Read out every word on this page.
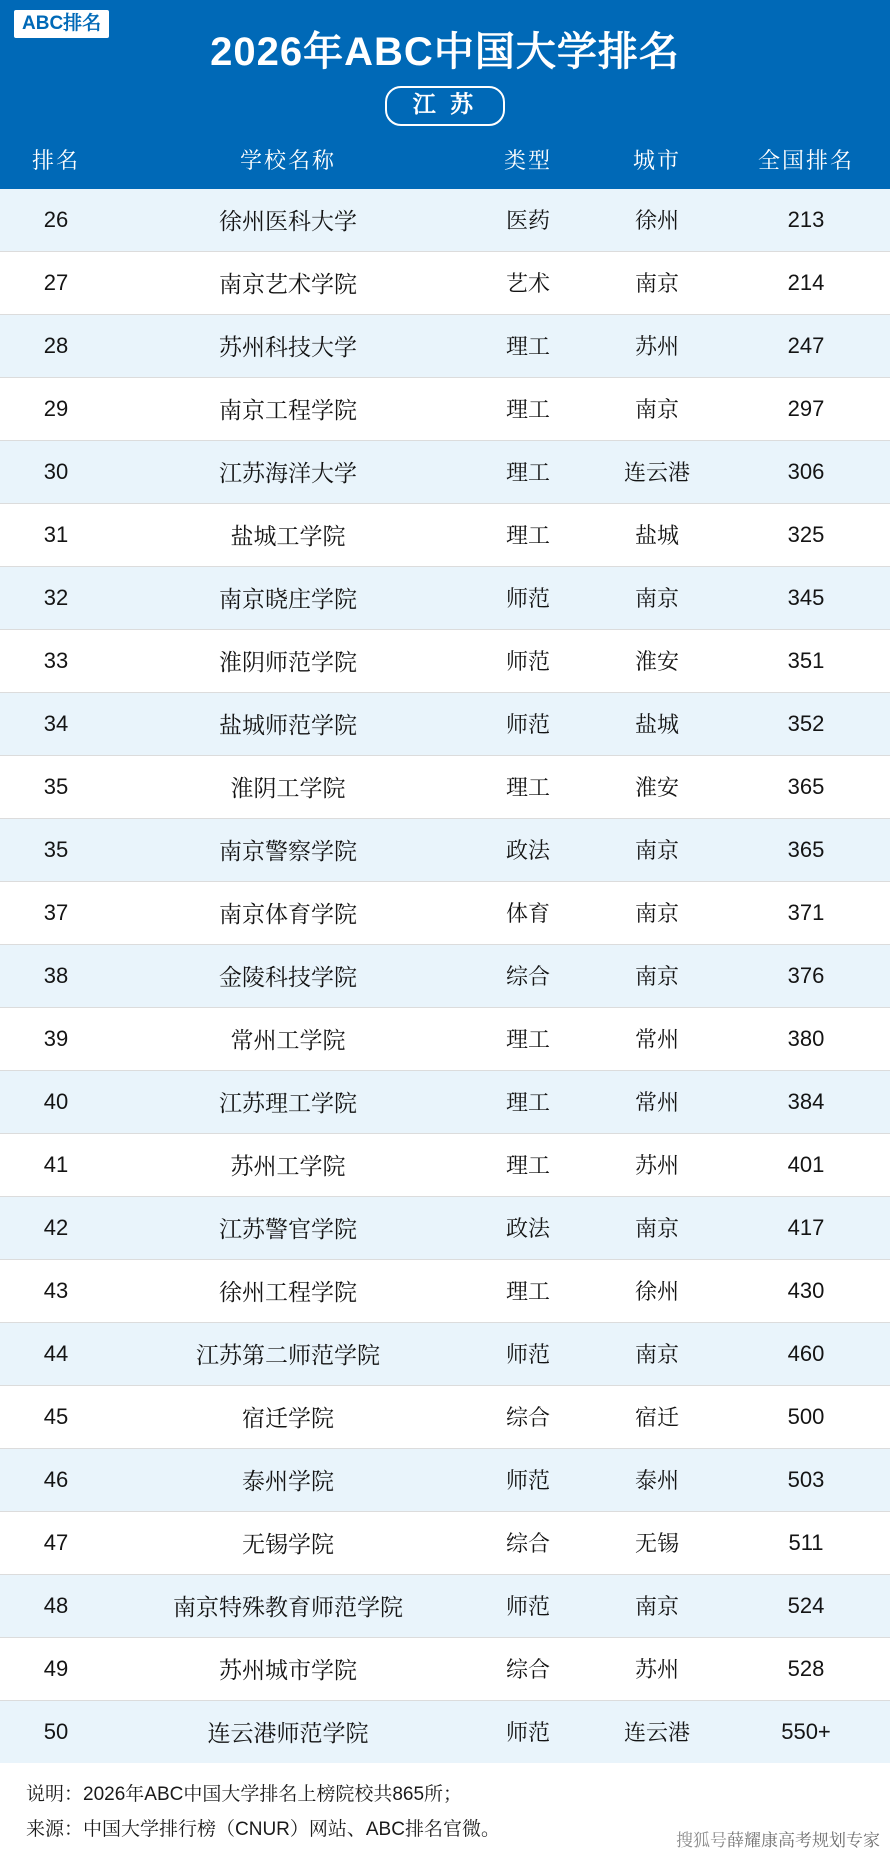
ABC排名
2026年ABC中国大学排名
江 苏
排名	学校名称	类型	城市	全国排名
26	徐州医科大学	医药	徐州	213
27	南京艺术学院	艺术	南京	214
28	苏州科技大学	理工	苏州	247
29	南京工程学院	理工	南京	297
30	江苏海洋大学	理工	连云港	306
31	盐城工学院	理工	盐城	325
32	南京晓庄学院	师范	南京	345
33	淮阴师范学院	师范	淮安	351
34	盐城师范学院	师范	盐城	352
35	淮阴工学院	理工	淮安	365
35	南京警察学院	政法	南京	365
37	南京体育学院	体育	南京	371
38	金陵科技学院	综合	南京	376
39	常州工学院	理工	常州	380
40	江苏理工学院	理工	常州	384
41	苏州工学院	理工	苏州	401
42	江苏警官学院	政法	南京	417
43	徐州工程学院	理工	徐州	430
44	江苏第二师范学院	师范	南京	460
45	宿迁学院	综合	宿迁	500
46	泰州学院	师范	泰州	503
47	无锡学院	综合	无锡	511
48	南京特殊教育师范学院	师范	南京	524
49	苏州城市学院	综合	苏州	528
50	连云港师范学院	师范	连云港	550+
说明：2026年ABC中国大学排名上榜院校共865所；
来源：中国大学排行榜（CNUR）网站、ABC排名官微。
搜狐号薛耀康高考规划专家
